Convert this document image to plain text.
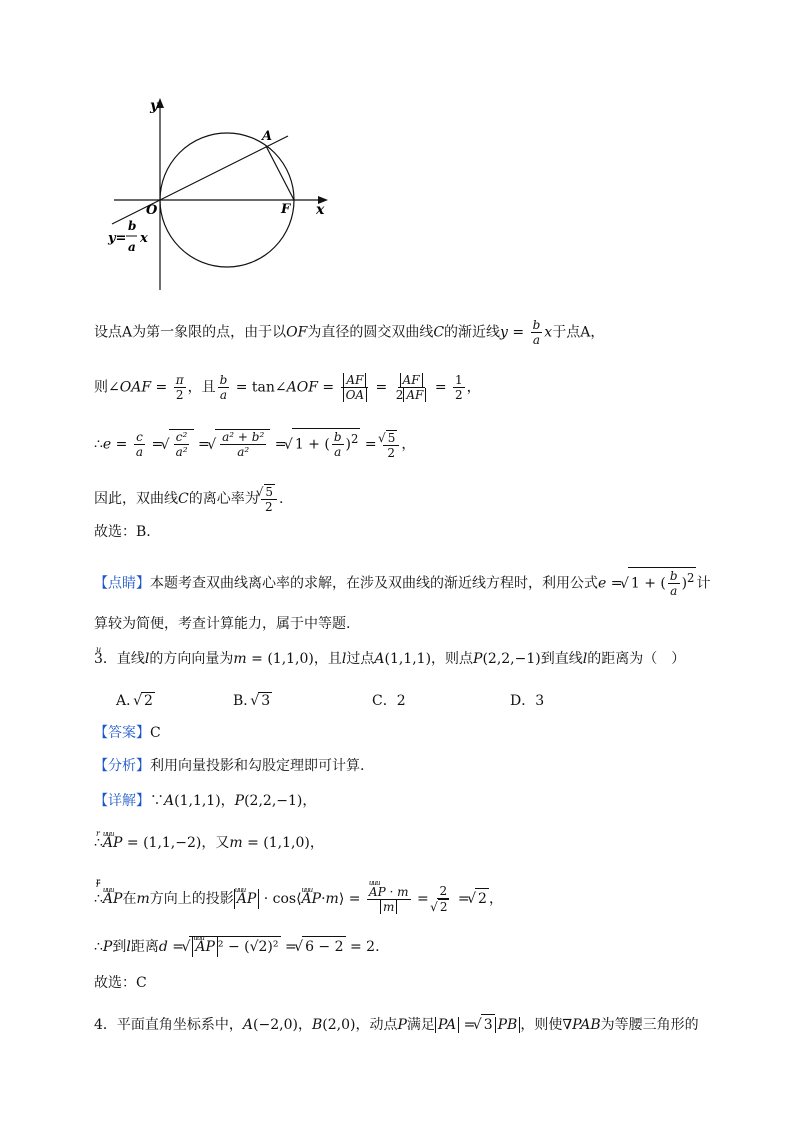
y
x
A
O	F
y=
b
a
x
设点A为第一象限的点，由于以OF为直径的圆交双曲线C的渐近线$y = \frac{b}{a}$ x于点A，
则∠OAF = $\frac{\pi}{2}$ ，且 $\frac{b}{a}$ = tan∠AOF = $\frac{AF}{OA} = \frac{AF}{2 AF} = \frac{1}{2}$ ，
∴e = $\frac{c}{a}$ = √ $\frac{\text{c²}}{\text{a²}}$ = √ $\frac{\text{a² + b²}}{\text{a²}}$ = √ 1 + ( $\frac{b}{a} )^2$ = √ $\frac{5}{2}$ ，
因此，双曲线C的离心率为 √ $\frac{5}{2}$ .
故选：B.
【点睛】本题考查双曲线离心率的求解，在涉及双曲线的渐近线方程时，利用公式e = √ 1 + ( $\frac{b}{a} )^2$ 计
算较为简便，考查计算能力，属于中等题.
3．直线l的方向向量为u m = (1,1,0)，且l过点A(1,1,1)，则点P(2,2,−1)到直线l的距离为（　）
A． √ 2	B． √ 3	C．2	D．3
【答案】C
【分析】利用向量投影和勾股定理即可计算.
【详解】∵A(1,1,1)，P(2,2,−1)，
∴uuu AP = (1,1,−2)，又r m = (1,1,0)，
∴uuu AP在r m方向上的投影 uuu AP · cos⟨uuu AP·r m⟩ = uuu AP · r m
r m = 2
√ 2 = √ 2 ，
∴P到l距离d = √ uuu AP ² − (√2)² = √ 6 − 2 = 2.
故选：C
4．平面直角坐标系中，A(−2,0)，B(2,0)，动点P满足 PA = √ 3 PB ，则使∇PAB为等腰三角形的
